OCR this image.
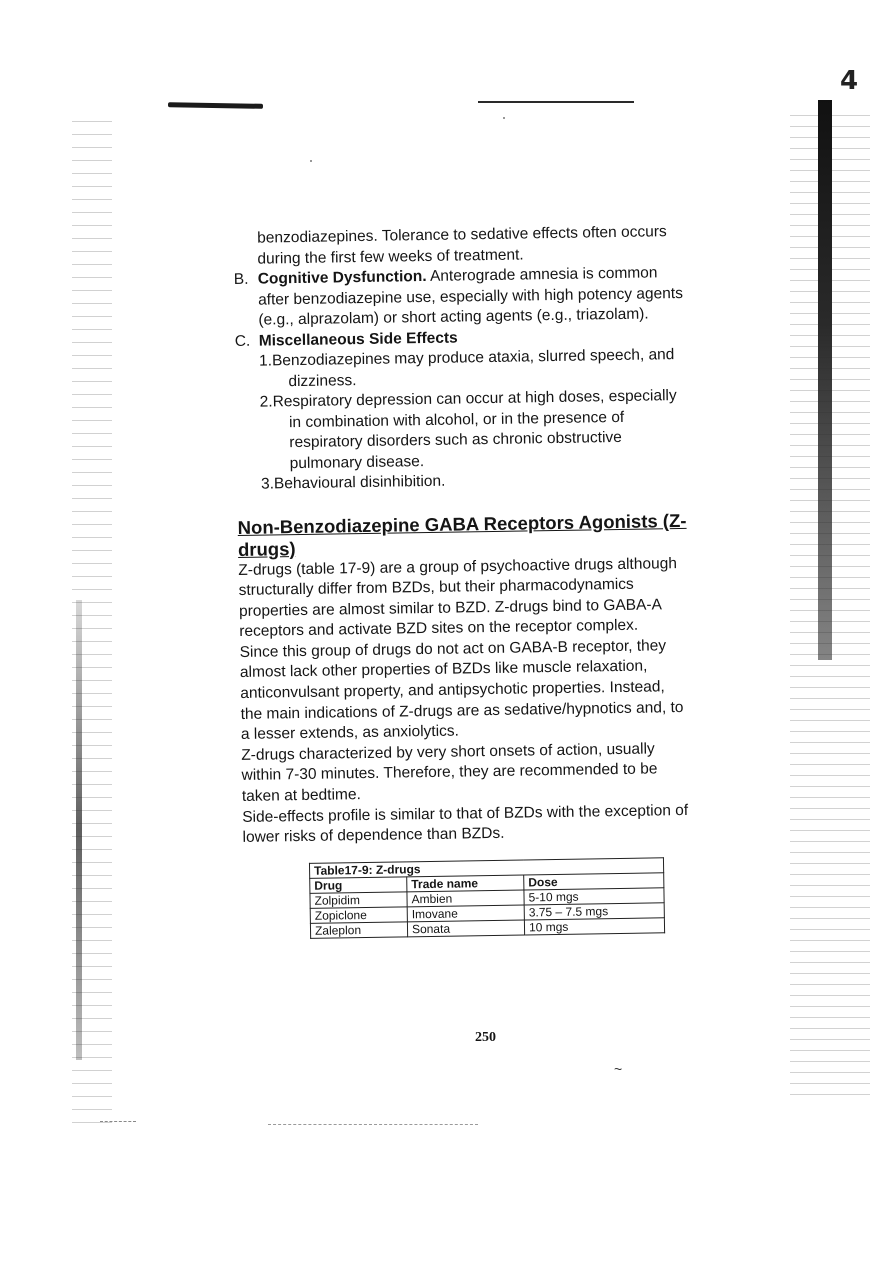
4
benzodiazepines. Tolerance to sedative effects often occurs
during the first few weeks of treatment.
B. Cognitive Dysfunction. Anterograde amnesia is common
after benzodiazepine use, especially with high potency agents
(e.g., alprazolam) or short acting agents (e.g., triazolam).
C. Miscellaneous Side Effects
1.Benzodiazepines may produce ataxia, slurred speech, and
dizziness.
2.Respiratory depression can occur at high doses, especially
in combination with alcohol, or in the presence of
respiratory disorders such as chronic obstructive
pulmonary disease.
3.Behavioural disinhibition.
Non-Benzodiazepine GABA Receptors Agonists (Z-
drugs)
Z-drugs (table 17-9) are a group of psychoactive drugs although
structurally differ from BZDs, but their pharmacodynamics
properties are almost similar to BZD. Z-drugs bind to GABA-A
receptors and activate BZD sites on the receptor complex.
Since this group of drugs do not act on GABA-B receptor, they
almost lack other properties of BZDs like muscle relaxation,
anticonvulsant property, and antipsychotic properties. Instead,
the main indications of Z-drugs are as sedative/hypnotics and, to
a lesser extends, as anxiolytics.
Z-drugs characterized by very short onsets of action, usually
within 7-30 minutes. Therefore, they are recommended to be
taken at bedtime.
Side-effects profile is similar to that of BZDs with the exception of
lower risks of dependence than BZDs.
Table17-9: Z-drugs		
Drug	Trade name	Dose
Zolpidim	Ambien	5-10 mgs
Zopiclone	Imovane	3.75 – 7.5 mgs
Zaleplon	Sonata	10 mgs
250
~
